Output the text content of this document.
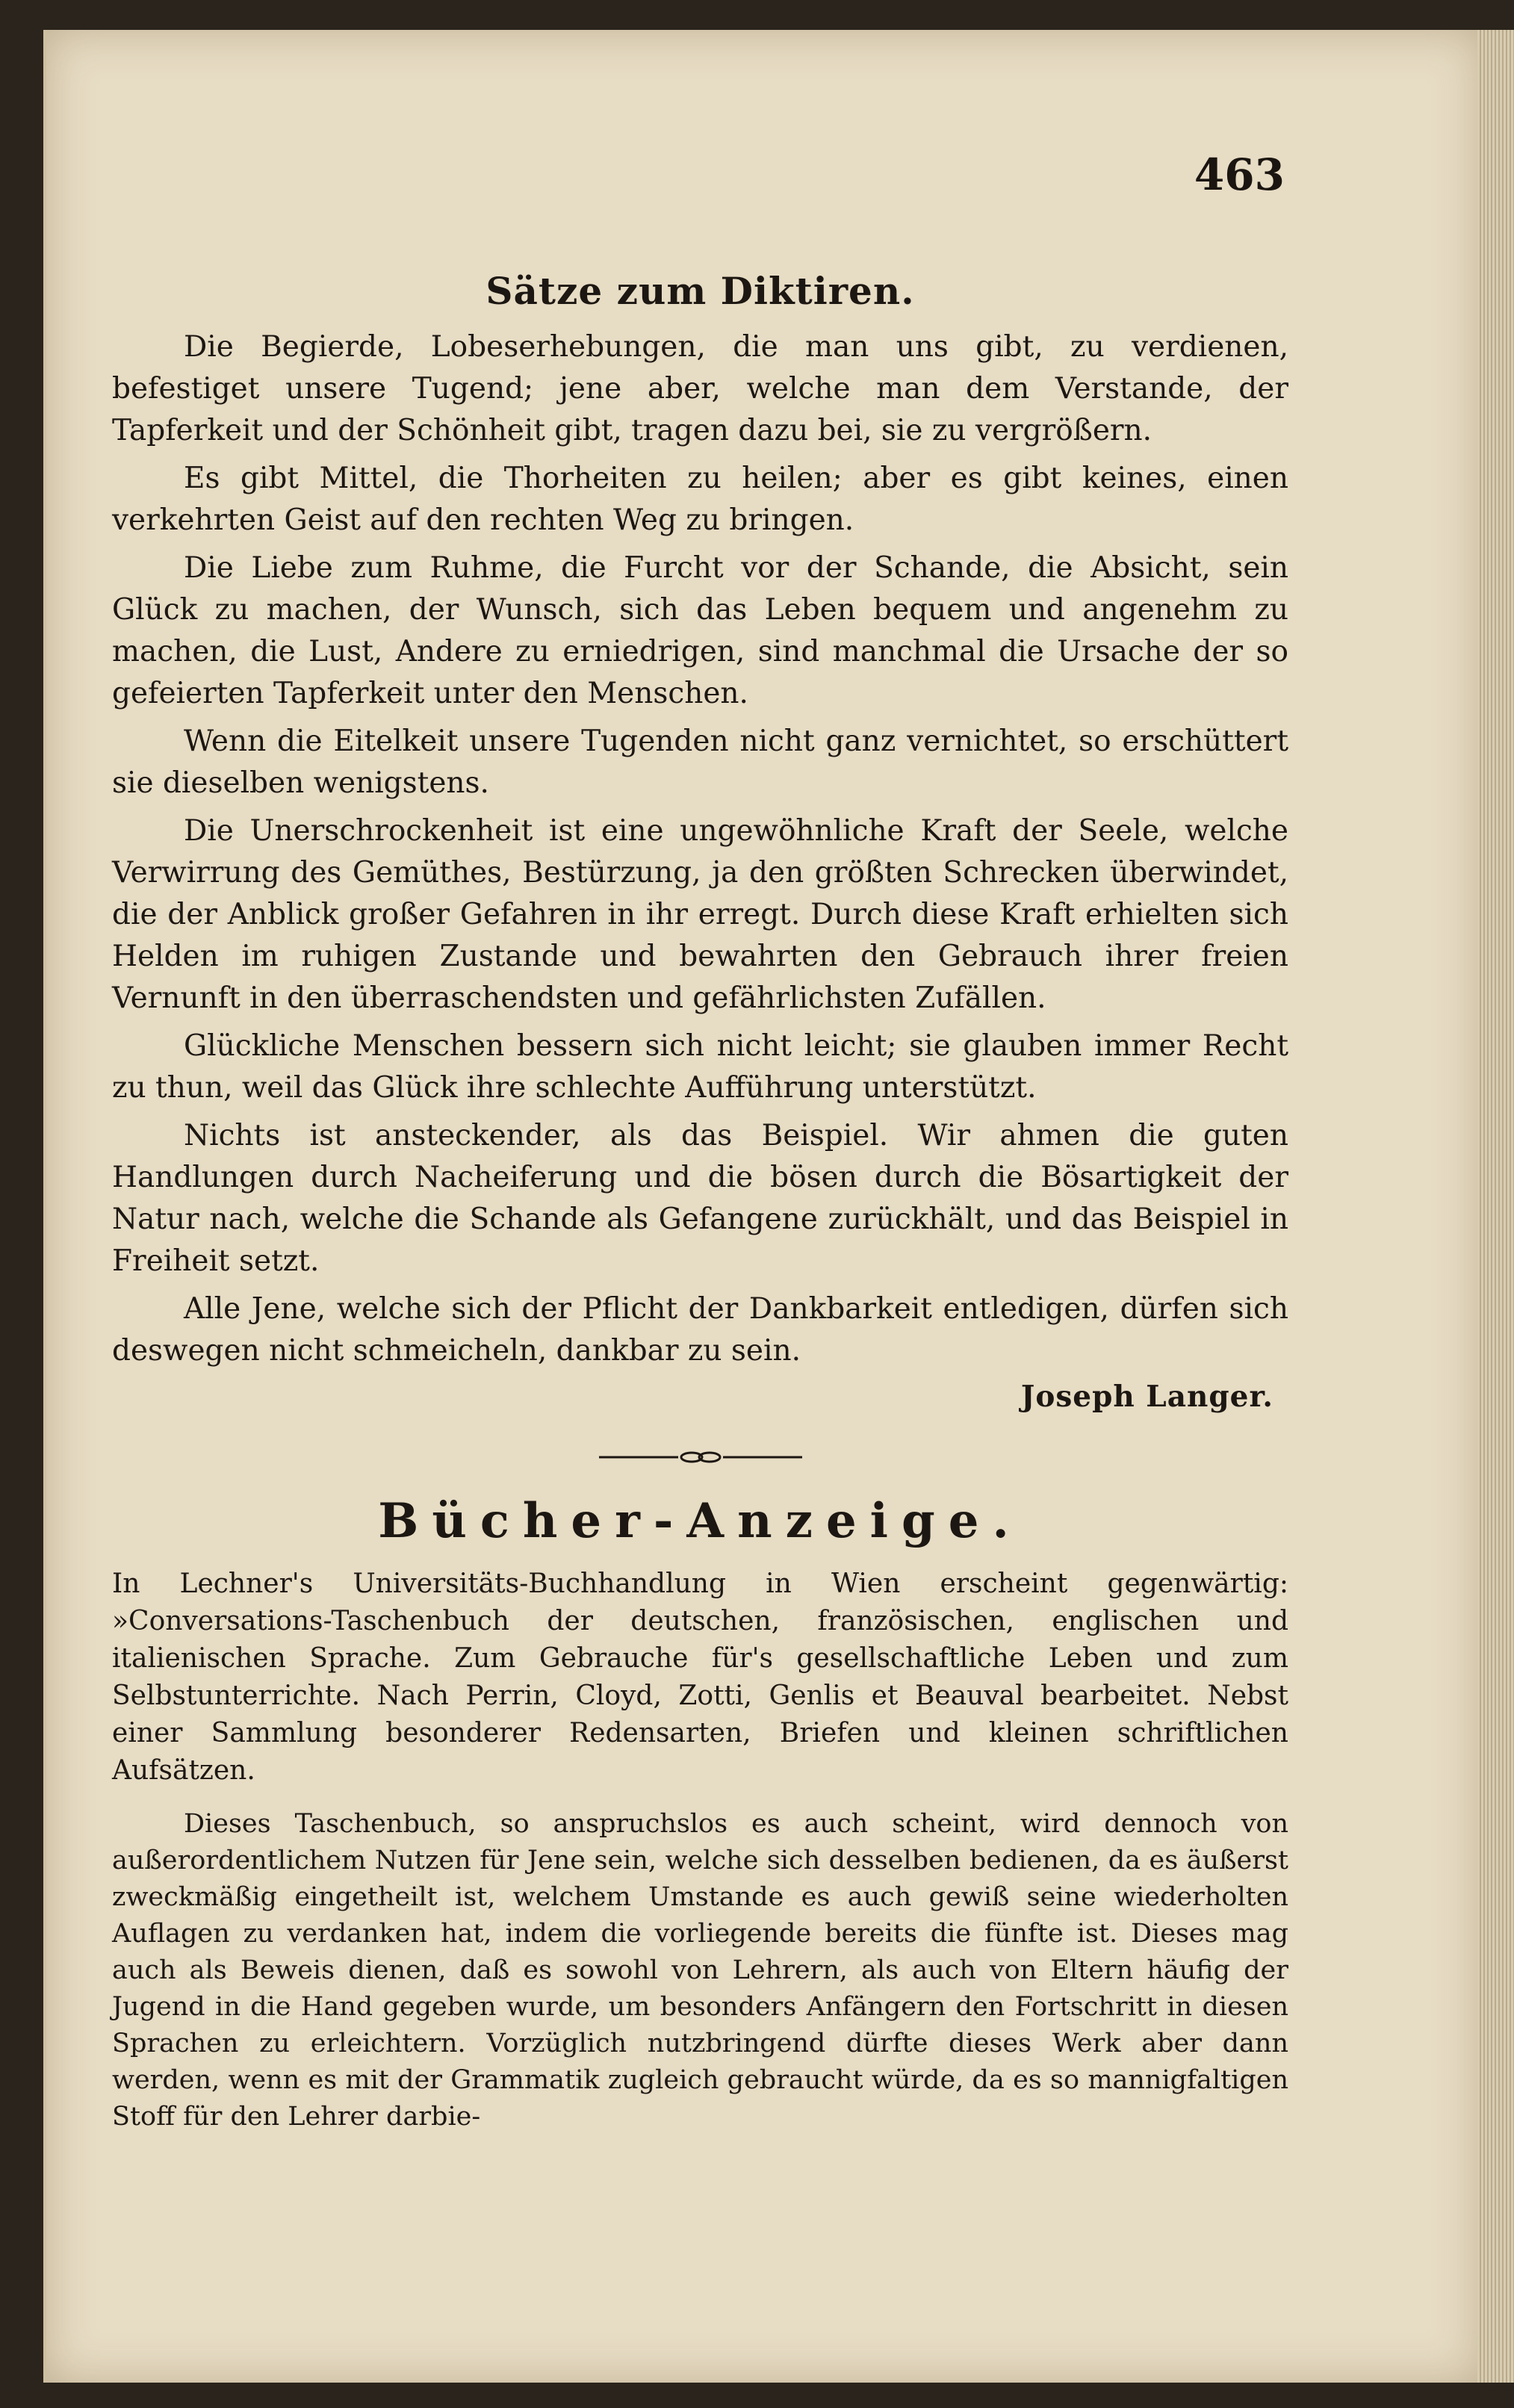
463
Sätze zum Diktiren.

Die Begierde, Lobeserhebungen, die man uns gibt, zu verdienen, befestiget unsere Tugend; jene aber, welche man dem Verstande, der Tapferkeit und der Schönheit gibt, tragen dazu bei, sie zu vergrößern.

Es gibt Mittel, die Thorheiten zu heilen; aber es gibt keines, einen verkehrten Geist auf den rechten Weg zu bringen.

Die Liebe zum Ruhme, die Furcht vor der Schande, die Absicht, sein Glück zu machen, der Wunsch, sich das Leben bequem und angenehm zu machen, die Lust, Andere zu erniedrigen, sind manchmal die Ursache der so gefeierten Tapferkeit unter den Menschen.

Wenn die Eitelkeit unsere Tugenden nicht ganz vernichtet, so erschüttert sie dieselben wenigstens.

Die Unerschrockenheit ist eine ungewöhnliche Kraft der Seele, welche Verwirrung des Gemüthes, Bestürzung, ja den größten Schrecken überwindet, die der Anblick großer Gefahren in ihr erregt. Durch diese Kraft erhielten sich Helden im ruhigen Zustande und bewahrten den Gebrauch ihrer freien Vernunft in den überraschendsten und gefährlichsten Zufällen.

Glückliche Menschen bessern sich nicht leicht; sie glauben immer Recht zu thun, weil das Glück ihre schlechte Aufführung unterstützt.

Nichts ist ansteckender, als das Beispiel. Wir ahmen die guten Handlungen durch Nacheiferung und die bösen durch die Bösartigkeit der Natur nach, welche die Schande als Gefangene zurückhält, und das Beispiel in Freiheit setzt.

Alle Jene, welche sich der Pflicht der Dankbarkeit entledigen, dürfen sich deswegen nicht schmeicheln, dankbar zu sein.

Joseph Langer.
Bücher-Anzeige.
In Lechner's Universitäts-Buchhandlung in Wien erscheint gegenwärtig: »Conversations-Taschenbuch der deutschen, französischen, englischen und italienischen Sprache. Zum Gebrauche für's gesellschaftliche Leben und zum Selbstunterrichte. Nach Perrin, Cloyd, Zotti, Genlis et Beauval bearbeitet. Nebst einer Sammlung besonderer Redensarten, Briefen und kleinen schriftlichen Aufsätzen.

Dieses Taschenbuch, so anspruchslos es auch scheint, wird dennoch von außerordentlichem Nutzen für Jene sein, welche sich desselben bedienen, da es äußerst zweckmäßig eingetheilt ist, welchem Umstande es auch gewiß seine wiederholten Auflagen zu verdanken hat, indem die vorliegende bereits die fünfte ist. Dieses mag auch als Beweis dienen, daß es sowohl von Lehrern, als auch von Eltern häufig der Jugend in die Hand gegeben wurde, um besonders Anfängern den Fortschritt in diesen Sprachen zu erleichtern. Vorzüglich nutzbringend dürfte dieses Werk aber dann werden, wenn es mit der Grammatik zugleich gebraucht würde, da es so mannigfaltigen Stoff für den Lehrer darbie-
